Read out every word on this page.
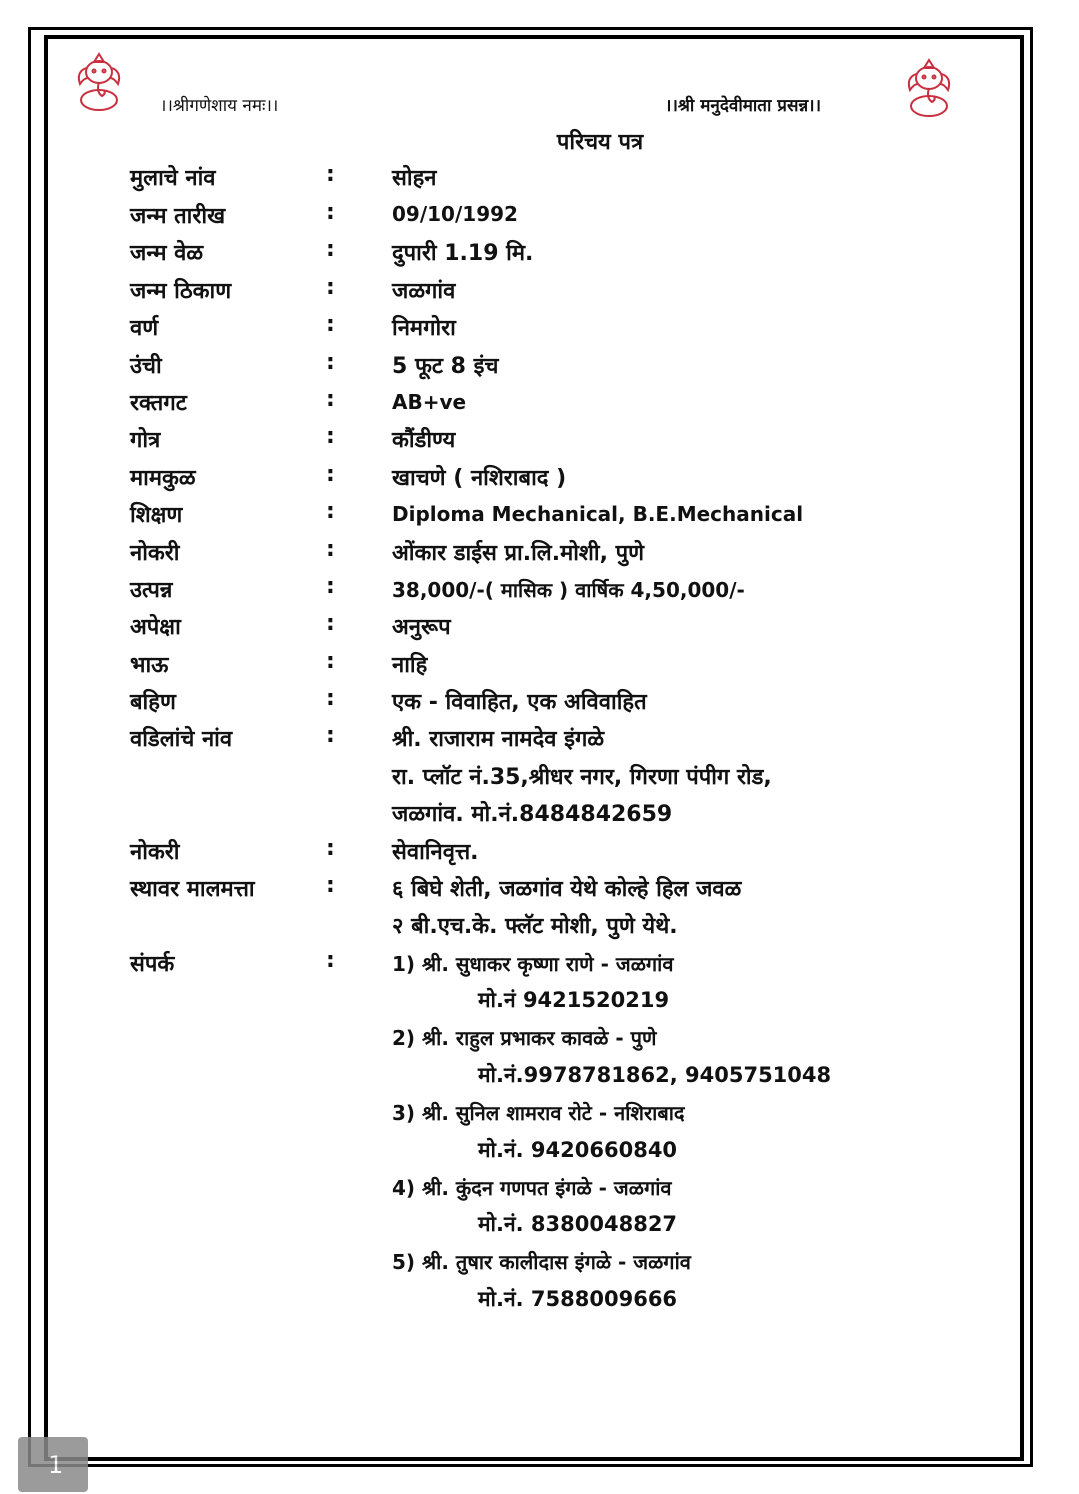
।।श्रीगणेशाय नमः।।	।।श्री मनुदेवीमाता प्रसन्न।।
परिचय पत्र
मुलाचे नांव	:	सोहन
जन्म तारीख	:	09/10/1992
जन्म वेळ	:	दुपारी 1.19 मि.
जन्म ठिकाण	:	जळगांव
वर्ण	:	निमगोरा
उंची	:	5 फूट 8 इंच
रक्तगट	:	AB+ve
गोत्र	:	कौंडीण्य
मामकुळ	:	खाचणे ( नशिराबाद )
शिक्षण	:	Diploma Mechanical, B.E.Mechanical
नोकरी	:	ओंकार डाईस प्रा.लि.मोशी, पुणे
उत्पन्न	:	38,000/-( मासिक ) वार्षिक 4,50,000/-
अपेक्षा	:	अनुरूप
भाऊ	:	नाहि
बहिण	:	एक - विवाहित, एक अविवाहित
वडिलांचे नांव	:	श्री. राजाराम नामदेव इंगळे
रा. प्लॉट नं.35,श्रीधर नगर, गिरणा पंपीग रोड,
जळगांव. मो.नं.8484842659
नोकरी	:	सेवानिवृत्त.
स्थावर मालमत्ता	:	६ बिघे शेती, जळगांव येथे कोल्हे हिल जवळ
२ बी.एच.के. फ्लॅट मोशी, पुणे येथे.
संपर्क	:	1) श्री. सुधाकर कृष्णा राणे - जळगांव
मो.नं 9421520219
2) श्री. राहुल प्रभाकर कावळे - पुणे
मो.नं.9978781862, 9405751048
3) श्री. सुनिल शामराव रोटे - नशिराबाद
मो.नं. 9420660840
4) श्री. कुंदन गणपत इंगळे - जळगांव
मो.नं. 8380048827
5) श्री. तुषार कालीदास इंगळे - जळगांव
मो.नं. 7588009666
1
